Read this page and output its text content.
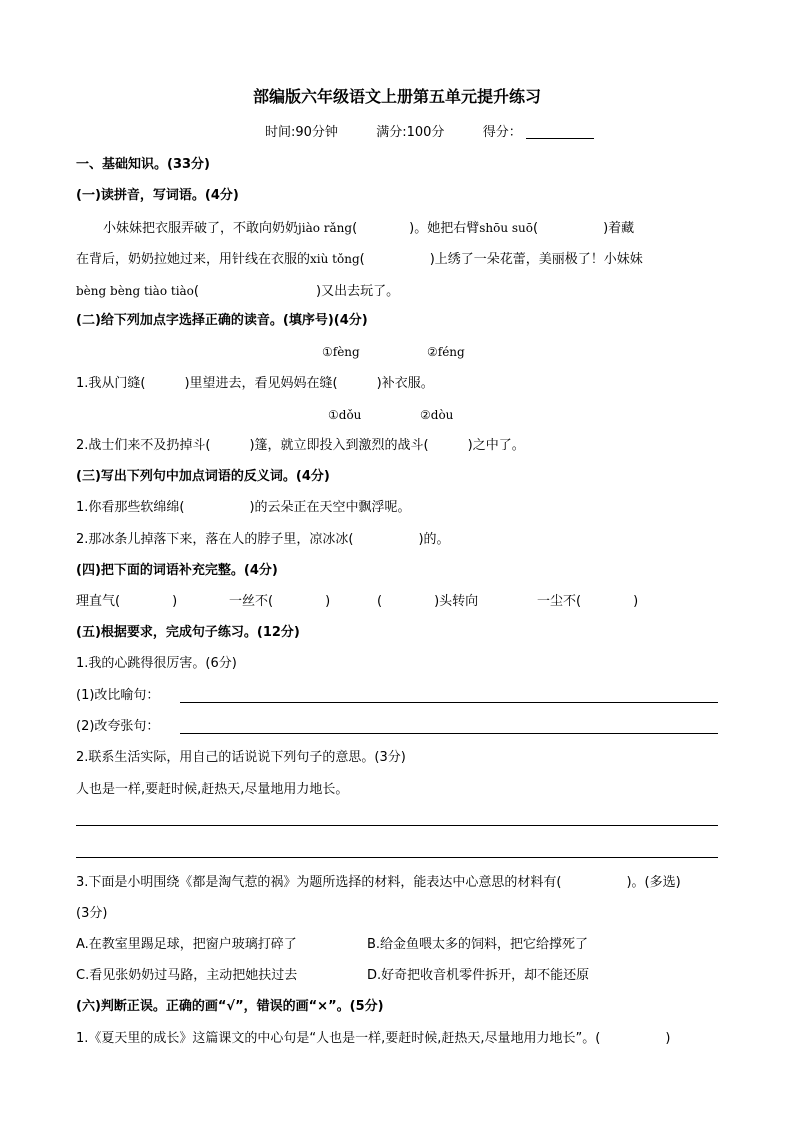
部编版六年级语文上册第五单元提升练习
时间:90分钟	满分:100分	得分：
一、基础知识。(33分)
(一)读拼音，写词语。(4分)
小妹妹把衣服弄破了，不敢向奶奶jiào rǎng(　　　　)。她把右臂shōu suō(　　　　　)着藏
在背后，奶奶拉她过来，用针线在衣服的xiù tǒng(　　　　　)上绣了一朵花蕾，美丽极了！小妹妹
bèng bèng tiào tiào(　　　　　　　　　)又出去玩了。
(二)给下列加点字选择正确的读音。(填序号)(4分)
①fèng	②féng
1.我从门缝(　　　)里望进去，看见妈妈在缝(　　　)补衣服。
①dǒu	②dòu
2.战士们来不及扔掉斗(　　　)篷，就立即投入到激烈的战斗(　　　)之中了。
(三)写出下列句中加点词语的反义词。(4分)
1.你看那些软绵绵(　　　　　)的云朵正在天空中飘浮呢。
2.那冰条儿掉落下来，落在人的脖子里，凉冰冰(　　　　　)的。
(四)把下面的词语补充完整。(4分)
理直气(　　　　)	一丝不(　　　　)	(　　　　)头转向	一尘不(　　　　)
(五)根据要求，完成句子练习。(12分)
1.我的心跳得很厉害。(6分)
(1)改比喻句：
(2)改夸张句：
2.联系生活实际，用自己的话说说下列句子的意思。(3分)
人也是一样,要赶时候,赶热天,尽量地用力地长。
3.下面是小明围绕《都是淘气惹的祸》为题所选择的材料，能表达中心意思的材料有(　　　　　)。(多选)
(3分)
A.在教室里踢足球，把窗户玻璃打碎了	B.给金鱼喂太多的饲料，把它给撑死了
C.看见张奶奶过马路，主动把她扶过去	D.好奇把收音机零件拆开，却不能还原
(六)判断正误。正确的画“√”，错误的画“×”。(5分)
1.《夏天里的成长》这篇课文的中心句是“人也是一样,要赶时候,赶热天,尽量地用力地长”。(　　　　　)
